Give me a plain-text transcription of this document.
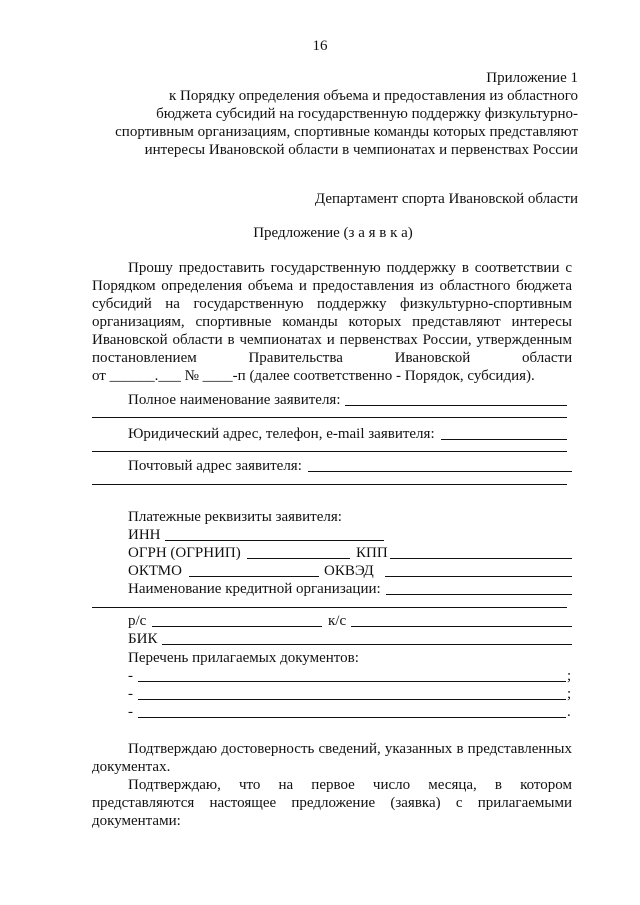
16
Приложение 1
к Порядку определения объема и предоставления из областного
бюджета субсидий на государственную поддержку физкультурно-
спортивным организациям, спортивные команды которых представляют
интересы Ивановской области в чемпионатах и первенствах России
Департамент спорта Ивановской области
Предложение (з а я в к а)
Прошу предоставить государственную поддержку в соответствии с
Порядком определения объема и предоставления из областного бюджета
субсидий на государственную поддержку физкультурно-спортивным
организациям, спортивные команды которых представляют интересы
Ивановской области в чемпионатах и первенствах России, утвержденным
постановлением Правительства Ивановской области
от ______.___ № ____-п (далее соответственно - Порядок, субсидия).
Полное наименование заявителя:
Юридический адрес, телефон, e-mail заявителя:
Почтовый адрес заявителя:
Платежные реквизиты заявителя:
ИНН
ОГРН (ОГРНИП)	КПП
ОКТМО	ОКВЭД
Наименование кредитной организации:
р/с	к/с
БИК
Перечень прилагаемых документов:
-	;
-	;
-	.
Подтверждаю достоверность сведений, указанных в представленных
документах.
Подтверждаю, что на первое число месяца, в котором
представляются настоящее предложение (заявка) с прилагаемыми
документами:
